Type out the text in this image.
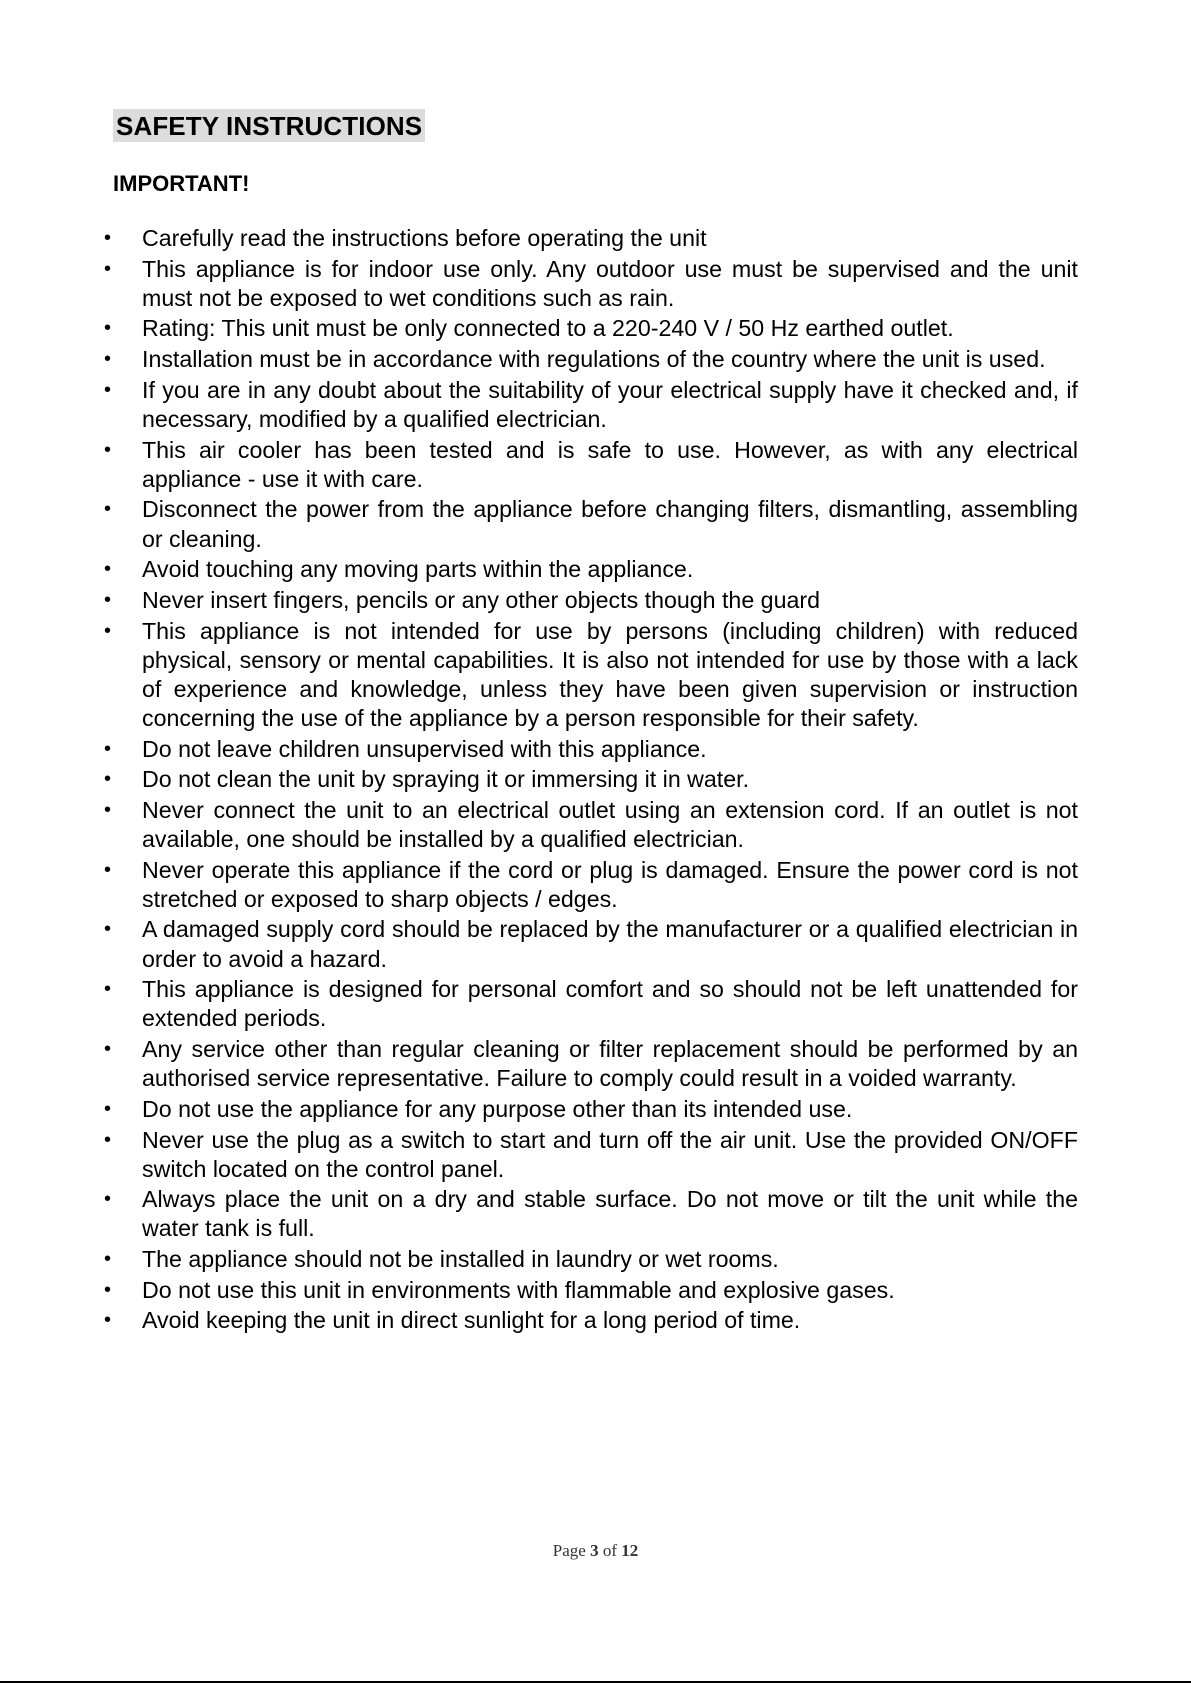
SAFETY INSTRUCTIONS
IMPORTANT!
• Carefully read the instructions before operating the unit
• This appliance is for indoor use only. Any outdoor use must be supervised and the unit must not be exposed to wet conditions such as rain.
• Rating: This unit must be only connected to a 220-240 V / 50 Hz earthed outlet.
• Installation must be in accordance with regulations of the country where the unit is used.
• If you are in any doubt about the suitability of your electrical supply have it checked and, if necessary, modified by a qualified electrician.
• This air cooler has been tested and is safe to use. However, as with any electrical appliance - use it with care.
• Disconnect the power from the appliance before changing filters, dismantling, assembling or cleaning.
• Avoid touching any moving parts within the appliance.
• Never insert fingers, pencils or any other objects though the guard
• This appliance is not intended for use by persons (including children) with reduced physical, sensory or mental capabilities. It is also not intended for use by those with a lack of experience and knowledge, unless they have been given supervision or instruction concerning the use of the appliance by a person responsible for their safety.
• Do not leave children unsupervised with this appliance.
• Do not clean the unit by spraying it or immersing it in water.
• Never connect the unit to an electrical outlet using an extension cord. If an outlet is not available, one should be installed by a qualified electrician.
• Never operate this appliance if the cord or plug is damaged. Ensure the power cord is not stretched or exposed to sharp objects / edges.
• A damaged supply cord should be replaced by the manufacturer or a qualified electrician in order to avoid a hazard.
• This appliance is designed for personal comfort and so should not be left unattended for extended periods.
• Any service other than regular cleaning or filter replacement should be performed by an authorised service representative. Failure to comply could result in a voided warranty.
• Do not use the appliance for any purpose other than its intended use.
• Never use the plug as a switch to start and turn off the air unit. Use the provided ON/OFF switch located on the control panel.
• Always place the unit on a dry and stable surface. Do not move or tilt the unit while the water tank is full.
• The appliance should not be installed in laundry or wet rooms.
• Do not use this unit in environments with flammable and explosive gases.
• Avoid keeping the unit in direct sunlight for a long period of time.
Page 3 of 12
